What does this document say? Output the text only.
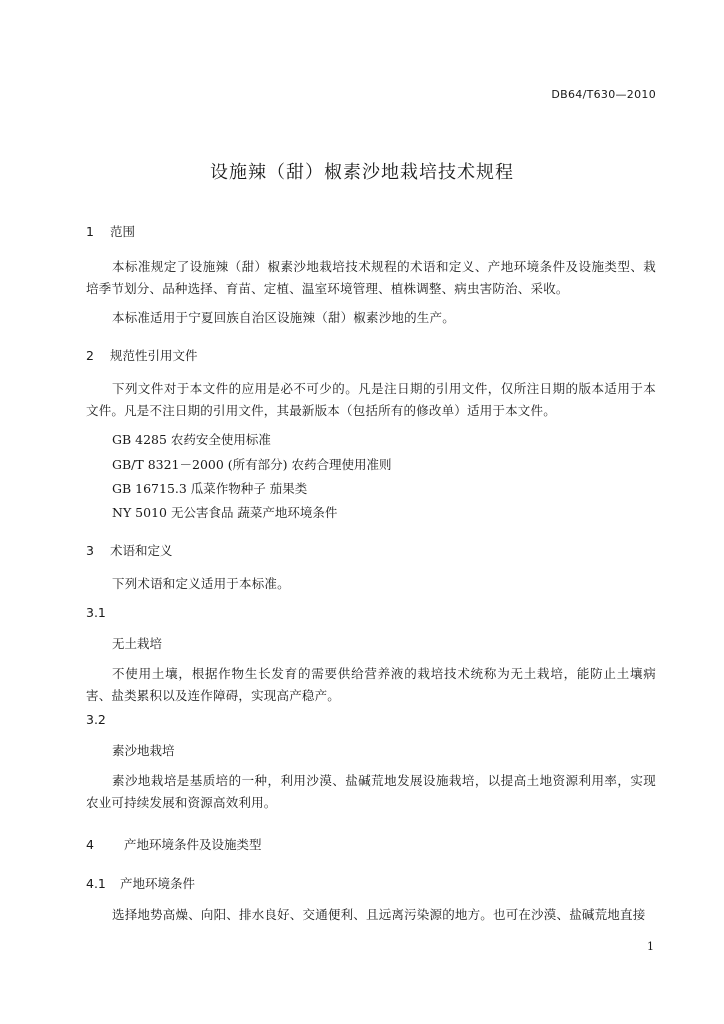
DB64/T630—2010
设施辣（甜）椒素沙地栽培技术规程
1 范围

本标准规定了设施辣（甜）椒素沙地栽培技术规程的术语和定义、产地环境条件及设施类型、栽培季节划分、品种选择、育苗、定植、温室环境管理、植株调整、病虫害防治、采收。

本标准适用于宁夏回族自治区设施辣（甜）椒素沙地的生产。

2 规范性引用文件

下列文件对于本文件的应用是必不可少的。凡是注日期的引用文件，仅所注日期的版本适用于本文件。凡是不注日期的引用文件，其最新版本（包括所有的修改单）适用于本文件。

GB 4285 农药安全使用标准
GB/T 8321－2000 (所有部分) 农药合理使用准则
GB 16715.3 瓜菜作物种子 茄果类
NY 5010 无公害食品 蔬菜产地环境条件
3 术语和定义

下列术语和定义适用于本标准。

3.1
无土栽培

不使用土壤，根据作物生长发育的需要供给营养液的栽培技术统称为无土栽培，能防止土壤病害、盐类累积以及连作障碍，实现高产稳产。

3.2
素沙地栽培

素沙地栽培是基质培的一种，利用沙漠、盐碱荒地发展设施栽培，以提高土地资源利用率，实现农业可持续发展和资源高效利用。

4 产地环境条件及设施类型
4.1 产地环境条件

选择地势高燥、向阳、排水良好、交通便利、且远离污染源的地方。也可在沙漠、盐碱荒地直接

1
